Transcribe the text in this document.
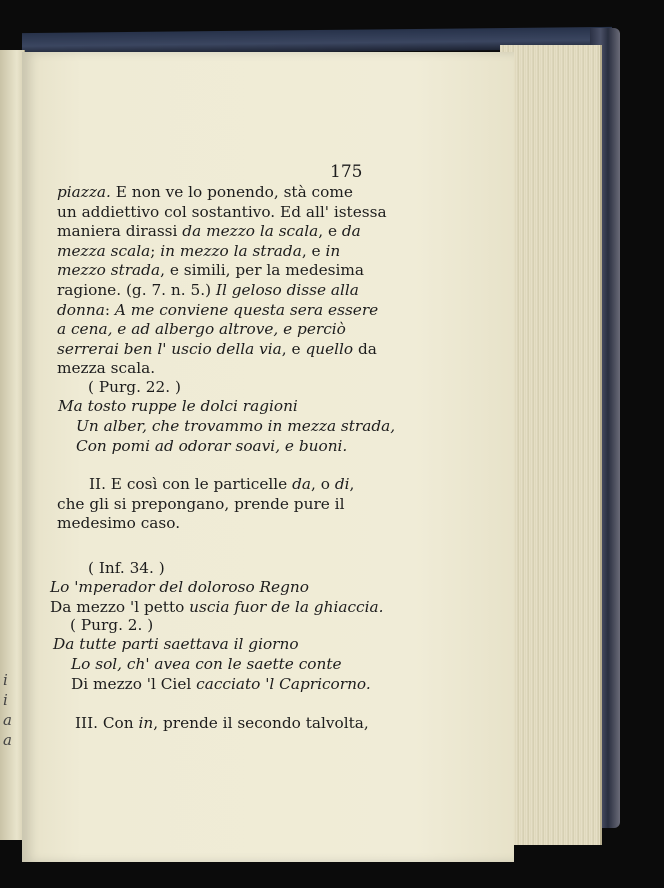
i
i
a
a
175
piazza. E non ve lo ponendo, stà come
un addiettivo col sostantivo. Ed all' istessa
maniera dirassi da mezzo la scala, e da
mezza scala; in mezzo la strada, e in
mezzo strada, e simili, per la medesima
ragione. (g. 7. n. 5.) Il geloso disse alla
donna: A me conviene questa sera essere
a cena, e ad albergo altrove, e perciò
serrerai ben l' uscio della via, e quello da
mezza scala.
( Purg. 22. )
Ma tosto ruppe le dolci ragioni
Un alber, che trovammo in mezza strada,
Con pomi ad odorar soavi, e buoni.
II. E così con le particelle da, o di,
che gli si prepongano, prende pure il
medesimo caso.
( Inf. 34. )
Lo 'mperador del doloroso Regno
Da mezzo 'l petto uscia fuor de la ghiaccia.
( Purg. 2. )
Da tutte parti saettava il giorno
Lo sol, ch' avea con le saette conte
Di mezzo 'l Ciel cacciato 'l Capricorno.
III. Con in, prende il secondo talvolta,
